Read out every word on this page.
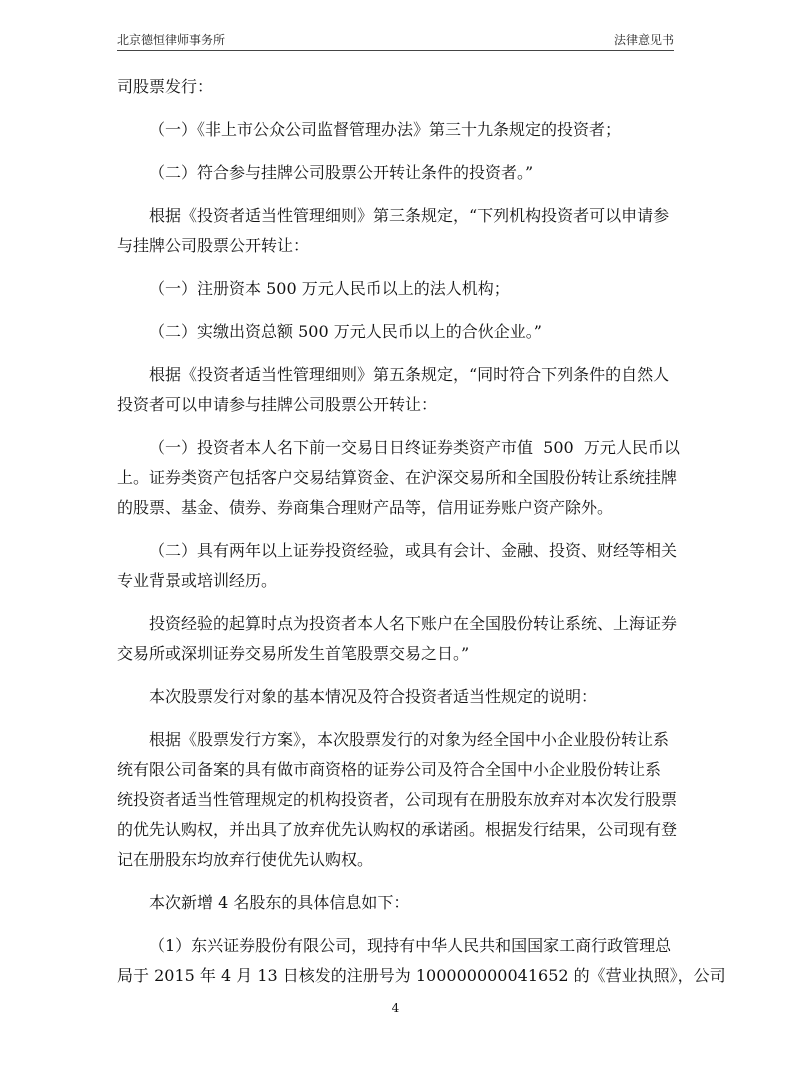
北京德恒律师事务所	法律意见书

司股票发行：

（一）《非上市公众公司监督管理办法》第三十九条规定的投资者；

（二）符合参与挂牌公司股票公开转让条件的投资者。”

根据《投资者适当性管理细则》第三条规定，“下列机构投资者可以申请参

与挂牌公司股票公开转让：

（一）注册资本 500 万元人民币以上的法人机构；

（二）实缴出资总额 500 万元人民币以上的合伙企业。”

根据《投资者适当性管理细则》第五条规定，“同时符合下列条件的自然人

投资者可以申请参与挂牌公司股票公开转让：

（一）投资者本人名下前一交易日日终证券类资产市值  500  万元人民币以

上。证券类资产包括客户交易结算资金、在沪深交易所和全国股份转让系统挂牌

的股票、基金、债券、券商集合理财产品等，信用证券账户资产除外。

（二）具有两年以上证券投资经验，或具有会计、金融、投资、财经等相关

专业背景或培训经历。

投资经验的起算时点为投资者本人名下账户在全国股份转让系统、上海证券

交易所或深圳证券交易所发生首笔股票交易之日。”

本次股票发行对象的基本情况及符合投资者适当性规定的说明：

根据《股票发行方案》，本次股票发行的对象为经全国中小企业股份转让系

统有限公司备案的具有做市商资格的证券公司及符合全国中小企业股份转让系

统投资者适当性管理规定的机构投资者，公司现有在册股东放弃对本次发行股票

的优先认购权，并出具了放弃优先认购权的承诺函。根据发行结果，公司现有登

记在册股东均放弃行使优先认购权。

本次新增 4 名股东的具体信息如下：

（1）东兴证券股份有限公司，现持有中华人民共和国国家工商行政管理总

局于 2015 年 4 月 13 日核发的注册号为 100000000041652 的《营业执照》，公司

4
